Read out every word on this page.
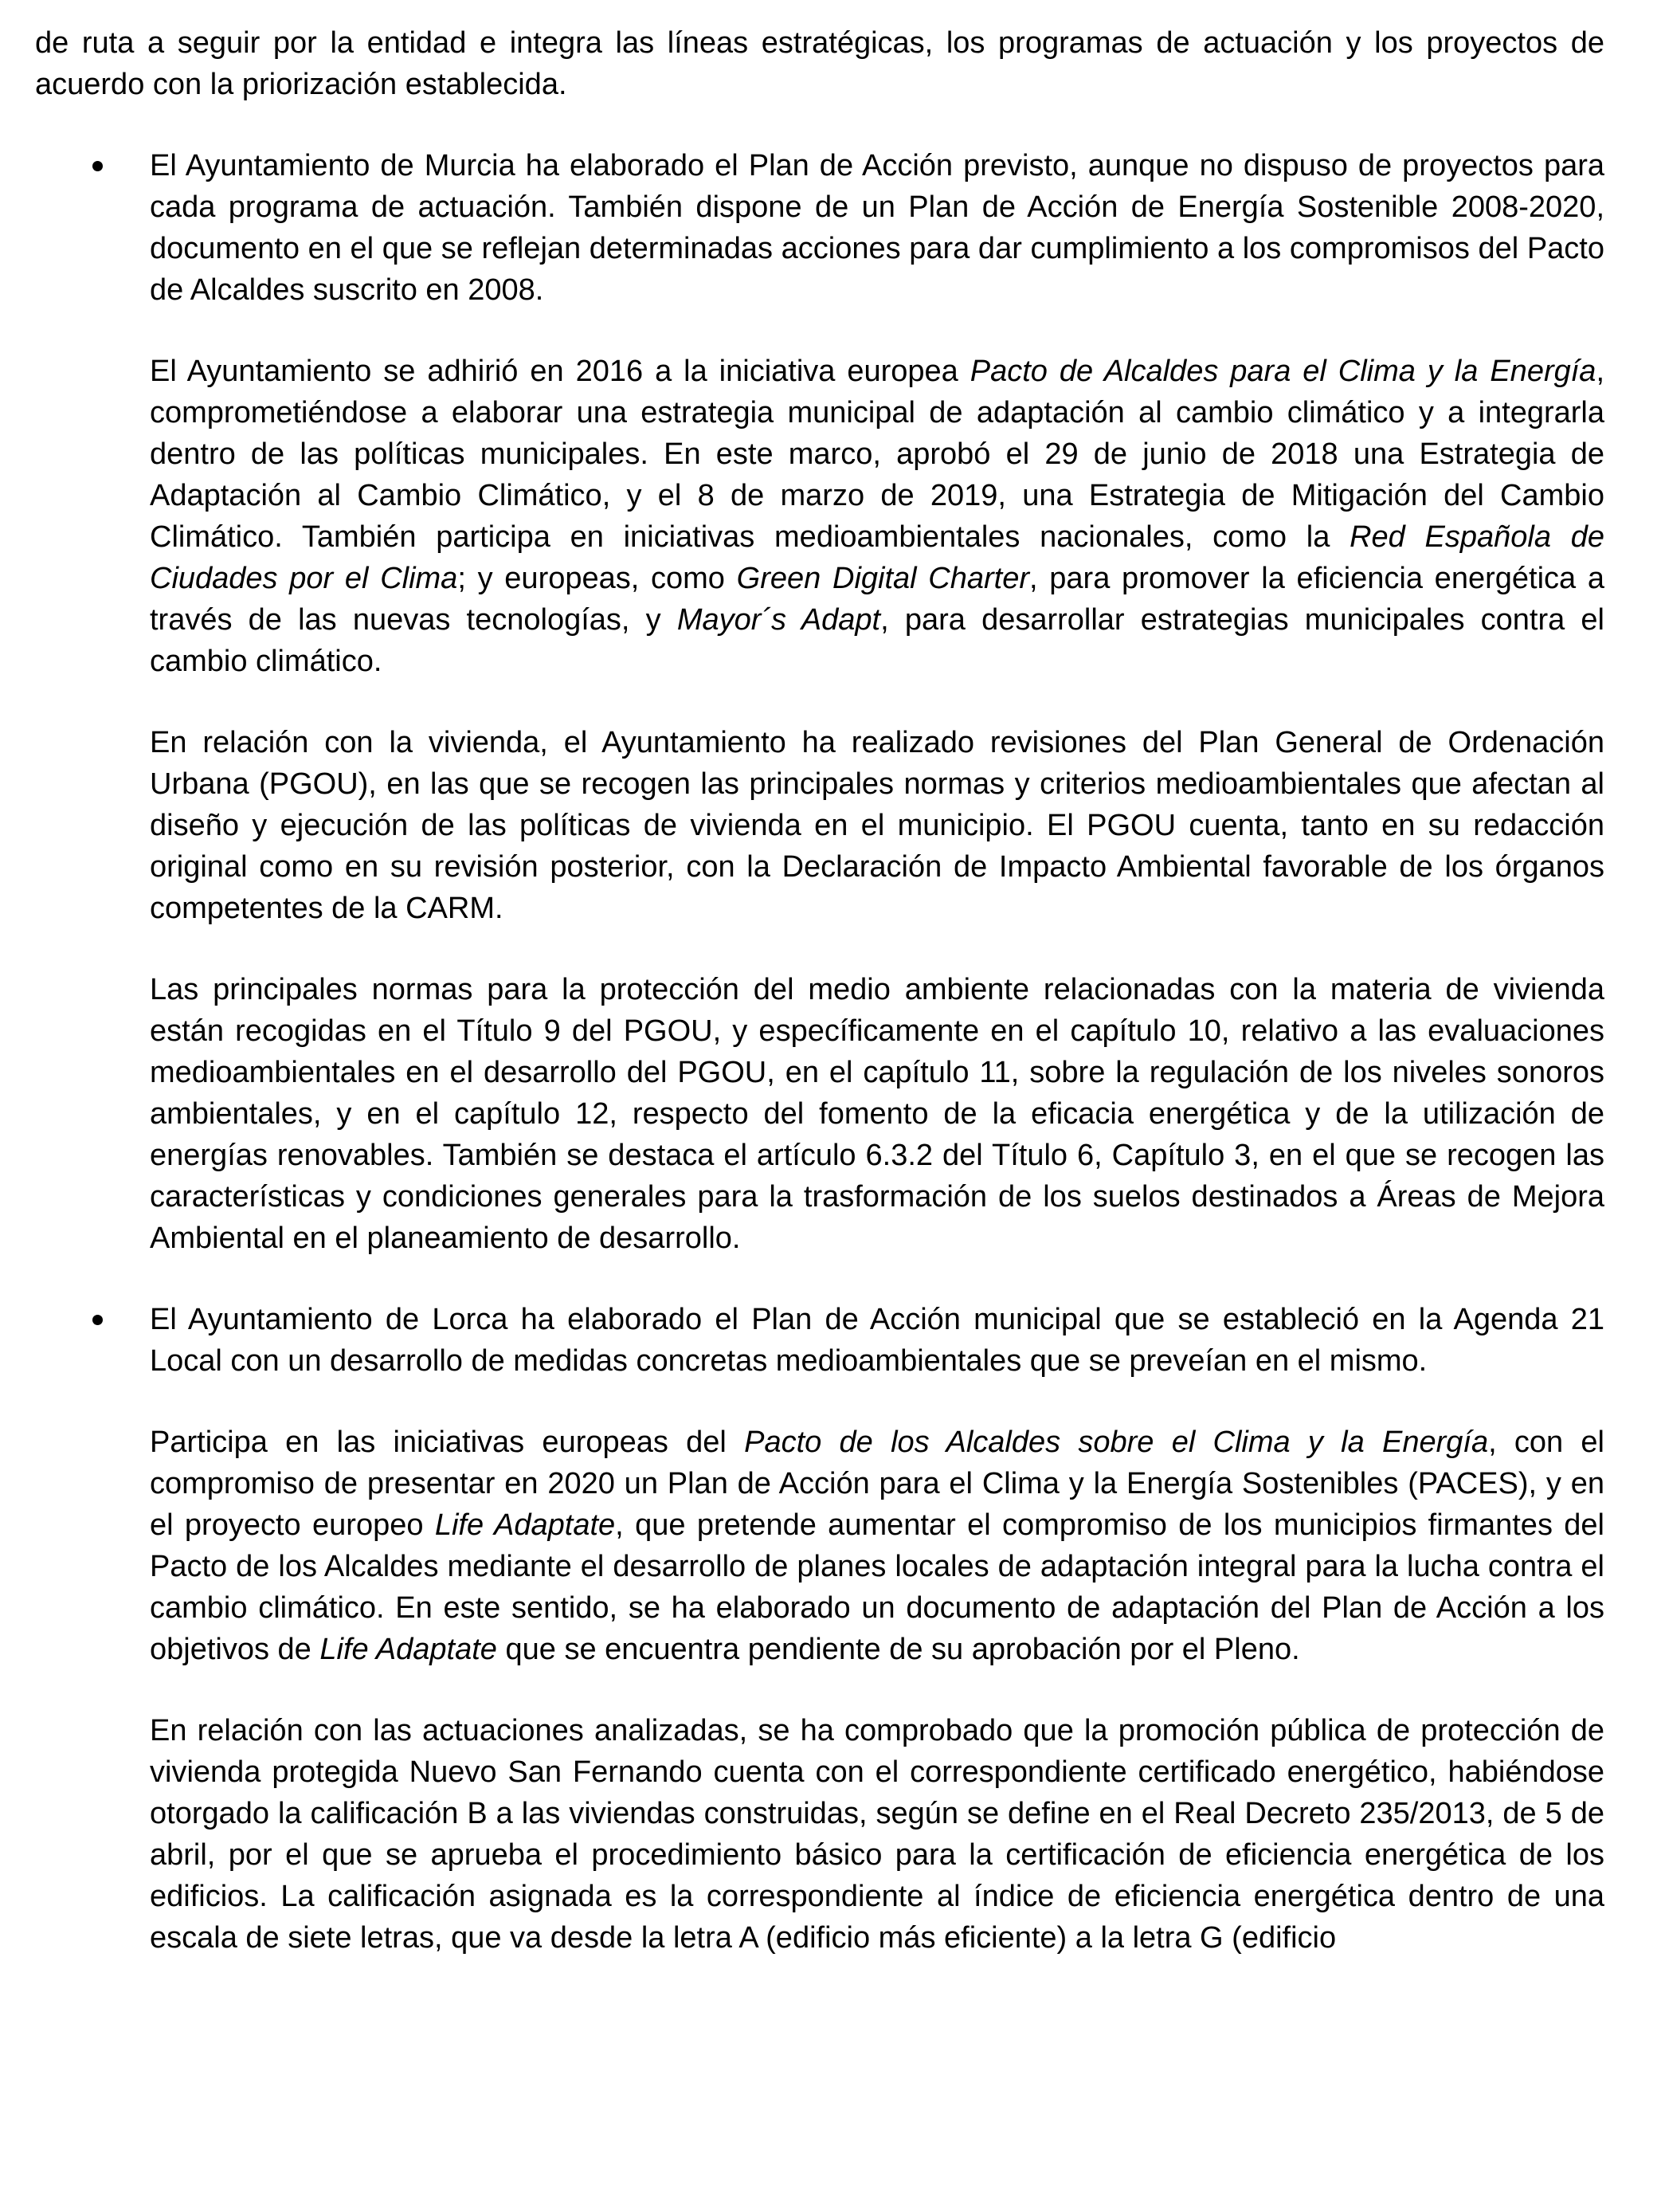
de ruta a seguir por la entidad e integra las líneas estratégicas, los programas de actuación y los proyectos de acuerdo con la priorización establecida.

El Ayuntamiento de Murcia ha elaborado el Plan de Acción previsto, aunque no dispuso de proyectos para cada programa de actuación. También dispone de un Plan de Acción de Energía Sostenible 2008-2020, documento en el que se reflejan determinadas acciones para dar cumplimiento a los compromisos del Pacto de Alcaldes suscrito en 2008.

El Ayuntamiento se adhirió en 2016 a la iniciativa europea Pacto de Alcaldes para el Clima y la Energía, comprometiéndose a elaborar una estrategia municipal de adaptación al cambio climático y a integrarla dentro de las políticas municipales. En este marco, aprobó el 29 de junio de 2018 una Estrategia de Adaptación al Cambio Climático, y el 8 de marzo de 2019, una Estrategia de Mitigación del Cambio Climático. También participa en iniciativas medioambientales nacionales, como la Red Española de Ciudades por el Clima; y europeas, como Green Digital Charter, para promover la eficiencia energética a través de las nuevas tecnologías, y Mayor´s Adapt, para desarrollar estrategias municipales contra el cambio climático.

En relación con la vivienda, el Ayuntamiento ha realizado revisiones del Plan General de Ordenación Urbana (PGOU), en las que se recogen las principales normas y criterios medioambientales que afectan al diseño y ejecución de las políticas de vivienda en el municipio. El PGOU cuenta, tanto en su redacción original como en su revisión posterior, con la Declaración de Impacto Ambiental favorable de los órganos competentes de la CARM.

Las principales normas para la protección del medio ambiente relacionadas con la materia de vivienda están recogidas en el Título 9 del PGOU, y específicamente en el capítulo 10, relativo a las evaluaciones medioambientales en el desarrollo del PGOU, en el capítulo 11, sobre la regulación de los niveles sonoros ambientales, y en el capítulo 12, respecto del fomento de la eficacia energética y de la utilización de energías renovables. También se destaca el artículo 6.3.2 del Título 6, Capítulo 3, en el que se recogen las características y condiciones generales para la trasformación de los suelos destinados a Áreas de Mejora Ambiental en el planeamiento de desarrollo.

El Ayuntamiento de Lorca ha elaborado el Plan de Acción municipal que se estableció en la Agenda 21 Local con un desarrollo de medidas concretas medioambientales que se preveían en el mismo.

Participa en las iniciativas europeas del Pacto de los Alcaldes sobre el Clima y la Energía, con el compromiso de presentar en 2020 un Plan de Acción para el Clima y la Energía Sostenibles (PACES), y en el proyecto europeo Life Adaptate, que pretende aumentar el compromiso de los municipios firmantes del Pacto de los Alcaldes mediante el desarrollo de planes locales de adaptación integral para la lucha contra el cambio climático. En este sentido, se ha elaborado un documento de adaptación del Plan de Acción a los objetivos de Life Adaptate que se encuentra pendiente de su aprobación por el Pleno.

En relación con las actuaciones analizadas, se ha comprobado que la promoción pública de protección de vivienda protegida Nuevo San Fernando cuenta con el correspondiente certificado energético, habiéndose otorgado la calificación B a las viviendas construidas, según se define en el Real Decreto 235/2013, de 5 de abril, por el que se aprueba el procedimiento básico para la certificación de eficiencia energética de los edificios. La calificación asignada es la correspondiente al índice de eficiencia energética dentro de una escala de siete letras, que va desde la letra A (edificio más eficiente) a la letra G (edificio
